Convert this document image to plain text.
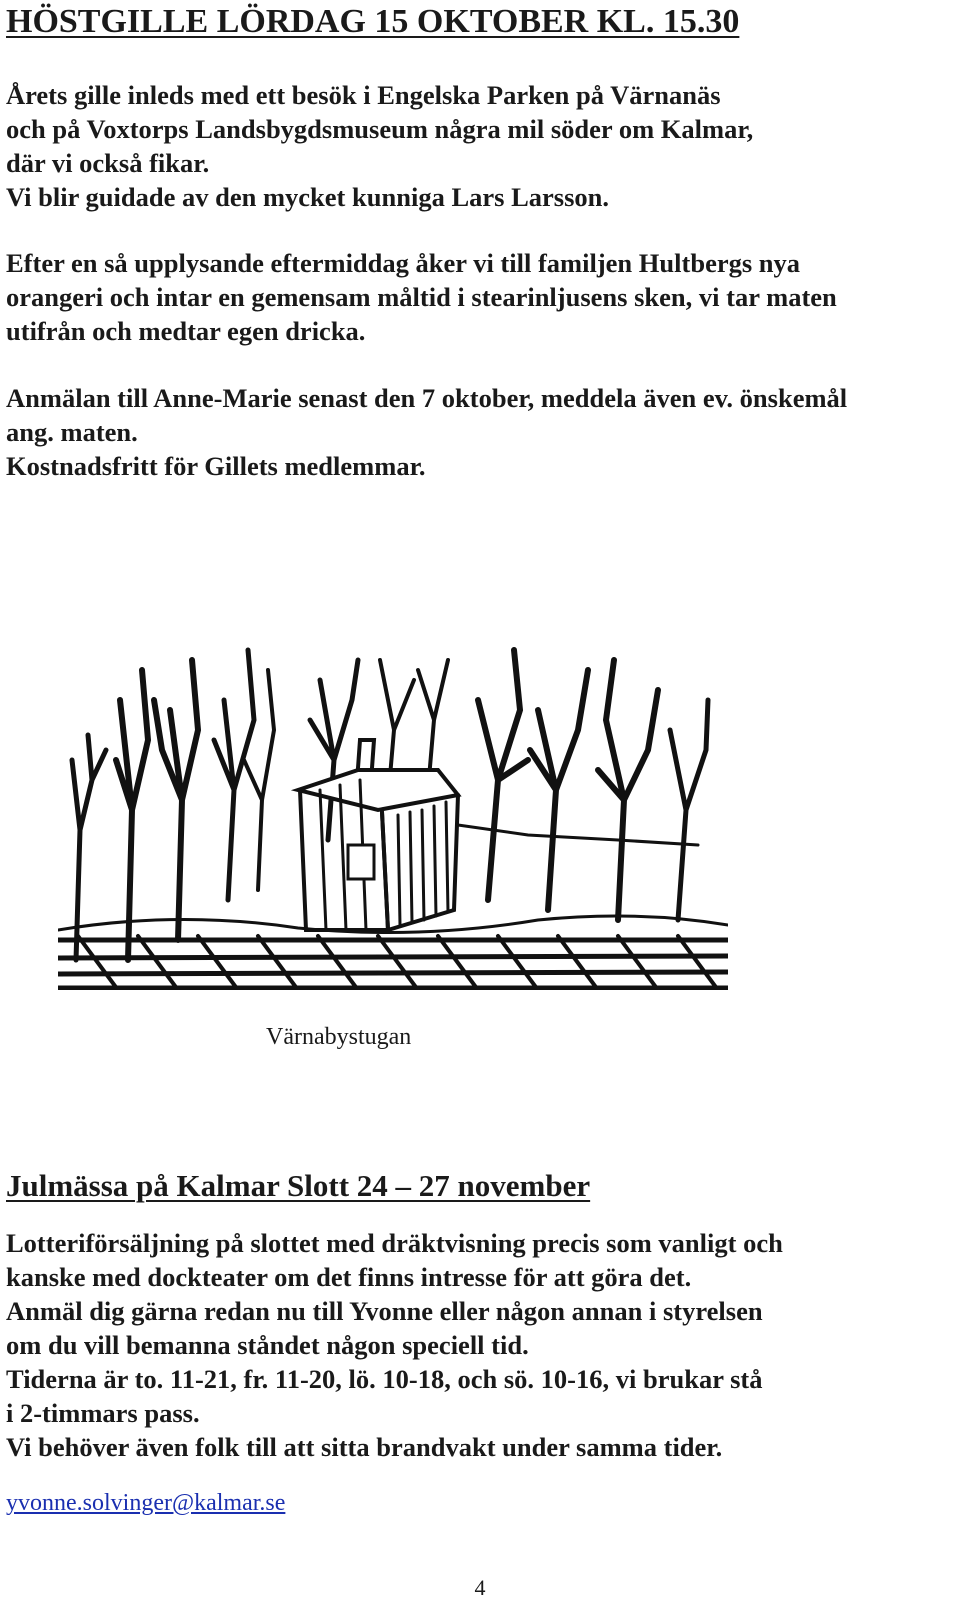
HÖSTGILLE LÖRDAG 15 OKTOBER KL. 15.30
Årets gille inleds med ett besök i Engelska Parken på Värnanäs
och på Voxtorps Landsbygdsmuseum några mil söder om Kalmar,
där vi också fikar.
Vi blir guidade av den mycket kunniga Lars Larsson.
Efter en så upplysande eftermiddag åker vi till familjen Hultbergs nya
orangeri och intar en gemensam måltid i stearinljusens sken, vi tar maten
utifrån och medtar egen dricka.
Anmälan till Anne-Marie senast den 7 oktober, meddela även ev. önskemål
ang. maten.
Kostnadsfritt för Gillets medlemmar.
Värnabystugan
Julmässa på Kalmar Slott 24 – 27 november
Lotteriförsäljning på slottet med dräktvisning precis som vanligt och
kanske med dockteater om det finns intresse för att göra det.
Anmäl dig gärna redan nu till Yvonne eller någon annan i styrelsen
om du vill bemanna ståndet någon speciell tid.
Tiderna är to. 11-21, fr. 11-20, lö. 10-18, och sö. 10-16, vi brukar stå
i 2-timmars pass.
Vi behöver även folk till att sitta brandvakt under samma tider.
yvonne.solvinger@kalmar.se
4
